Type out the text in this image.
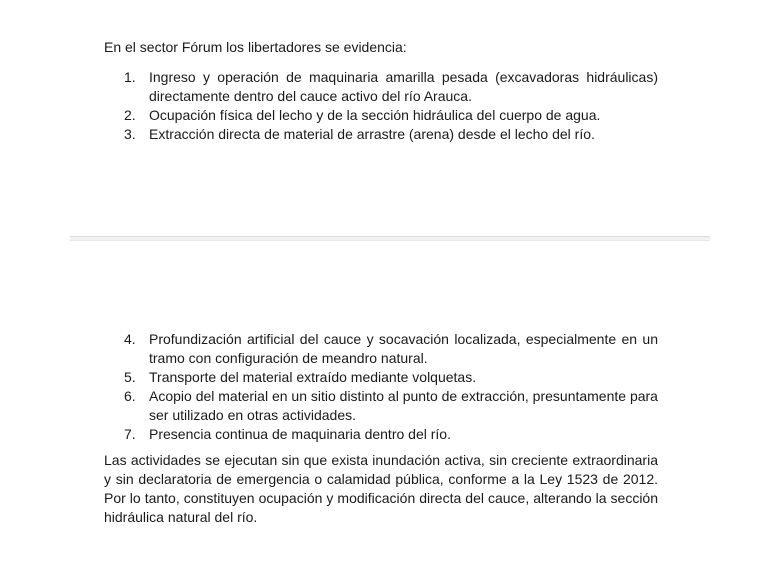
En el sector Fórum los libertadores se evidencia:

1. Ingreso y operación de maquinaria amarilla pesada (excavadoras hidráulicas) directamente dentro del cauce activo del río Arauca.
2. Ocupación física del lecho y de la sección hidráulica del cuerpo de agua.
3. Extracción directa de material de arrastre (arena) desde el lecho del río.
4. Profundización artificial del cauce y socavación localizada, especialmente en un tramo con configuración de meandro natural.
5. Transporte del material extraído mediante volquetas.
6. Acopio del material en un sitio distinto al punto de extracción, presuntamente para ser utilizado en otras actividades.
7. Presencia continua de maquinaria dentro del río.

Las actividades se ejecutan sin que exista inundación activa, sin creciente extraordinaria y sin declaratoria de emergencia o calamidad pública, conforme a la Ley 1523 de 2012. Por lo tanto, constituyen ocupación y modificación directa del cauce, alterando la sección hidráulica natural del río.
